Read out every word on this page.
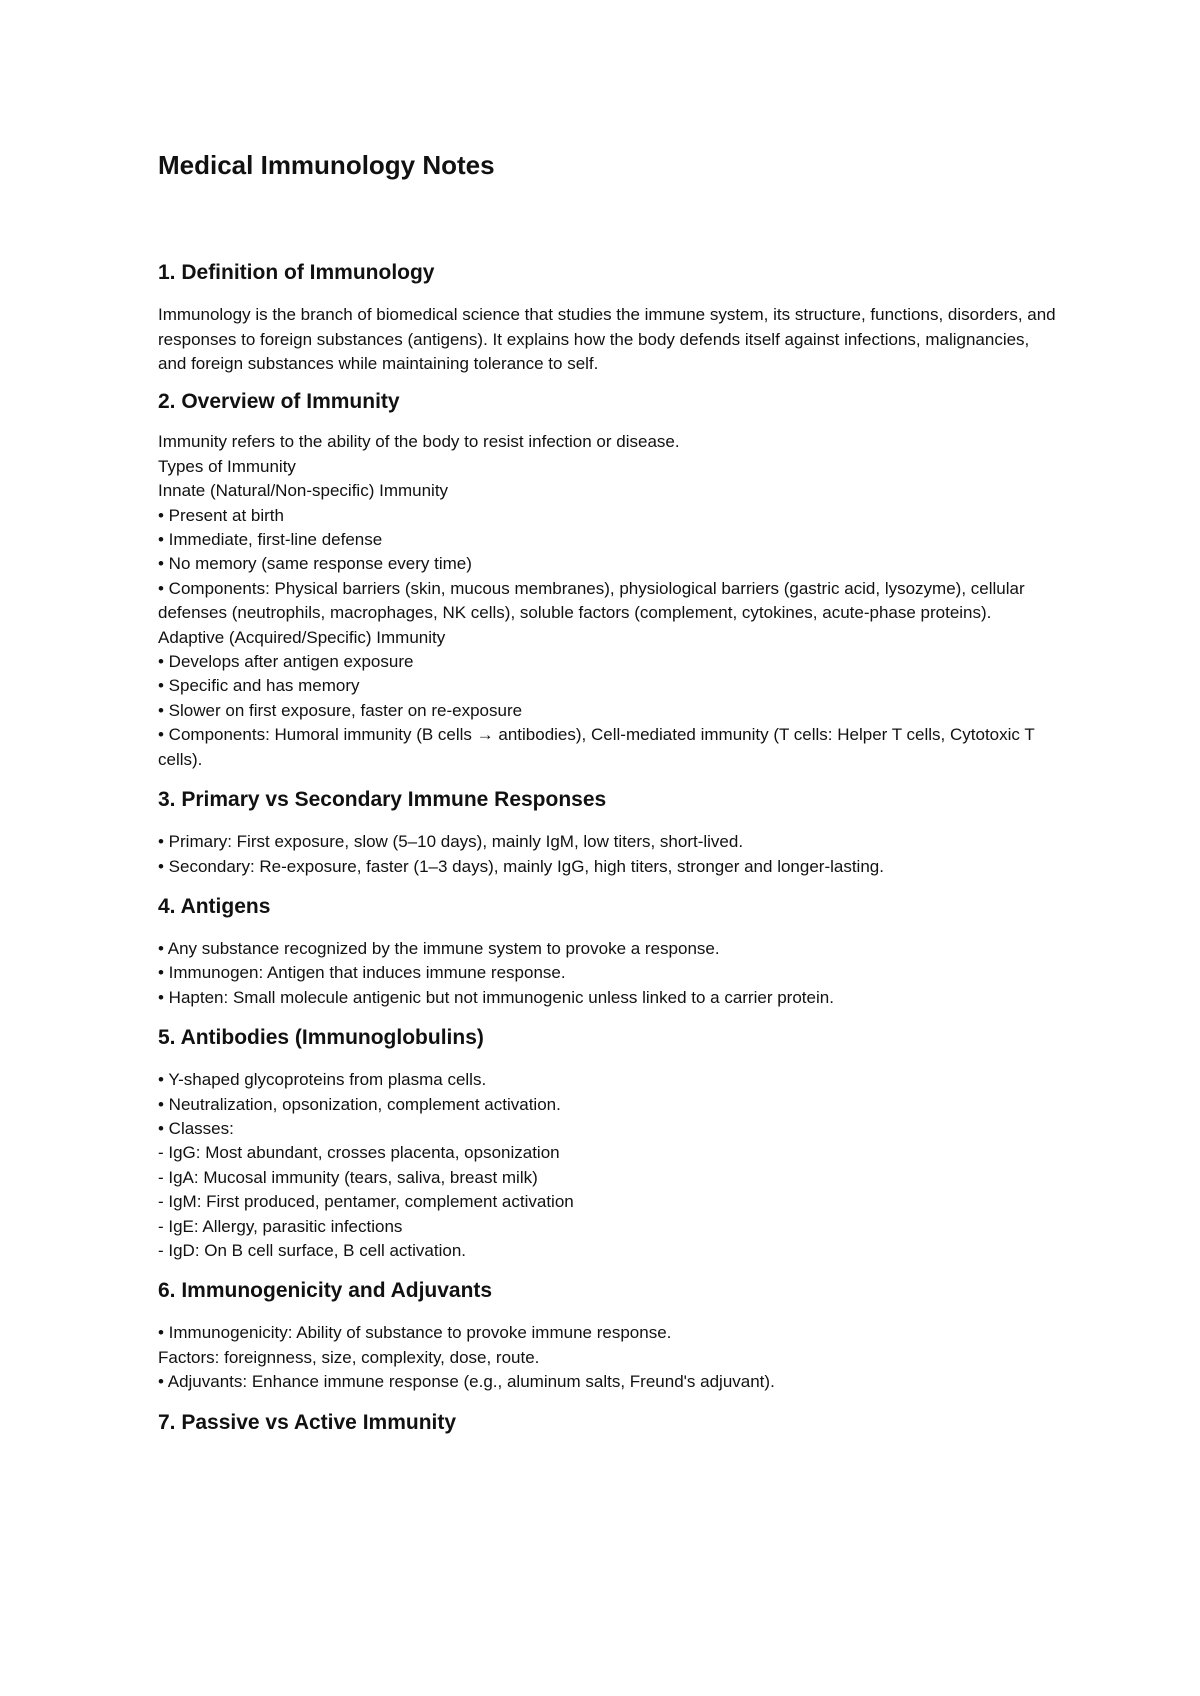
Medical Immunology Notes
1. Definition of Immunology

Immunology is the branch of biomedical science that studies the immune system, its structure, functions, disorders, and responses to foreign substances (antigens). It explains how the body defends itself against infections, malignancies, and foreign substances while maintaining tolerance to self.

2. Overview of Immunity
Immunity refers to the ability of the body to resist infection or disease.
Types of Immunity
Innate (Natural/Non-specific) Immunity
• Present at birth
• Immediate, first-line defense
• No memory (same response every time)
• Components: Physical barriers (skin, mucous membranes), physiological barriers (gastric acid, lysozyme), cellular defenses (neutrophils, macrophages, NK cells), soluble factors (complement, cytokines, acute-phase proteins).
Adaptive (Acquired/Specific) Immunity
• Develops after antigen exposure
• Specific and has memory
• Slower on first exposure, faster on re-exposure
• Components: Humoral immunity (B cells → antibodies), Cell-mediated immunity (T cells: Helper T cells, Cytotoxic T cells).
3. Primary vs Secondary Immune Responses
• Primary: First exposure, slow (5–10 days), mainly IgM, low titers, short-lived.
• Secondary: Re-exposure, faster (1–3 days), mainly IgG, high titers, stronger and longer-lasting.
4. Antigens
• Any substance recognized by the immune system to provoke a response.
• Immunogen: Antigen that induces immune response.
• Hapten: Small molecule antigenic but not immunogenic unless linked to a carrier protein.
5. Antibodies (Immunoglobulins)
• Y-shaped glycoproteins from plasma cells.
• Neutralization, opsonization, complement activation.
• Classes:
- IgG: Most abundant, crosses placenta, opsonization
- IgA: Mucosal immunity (tears, saliva, breast milk)
- IgM: First produced, pentamer, complement activation
- IgE: Allergy, parasitic infections
- IgD: On B cell surface, B cell activation.
6. Immunogenicity and Adjuvants
• Immunogenicity: Ability of substance to provoke immune response.
Factors: foreignness, size, complexity, dose, route.
• Adjuvants: Enhance immune response (e.g., aluminum salts, Freund's adjuvant).
7. Passive vs Active Immunity
